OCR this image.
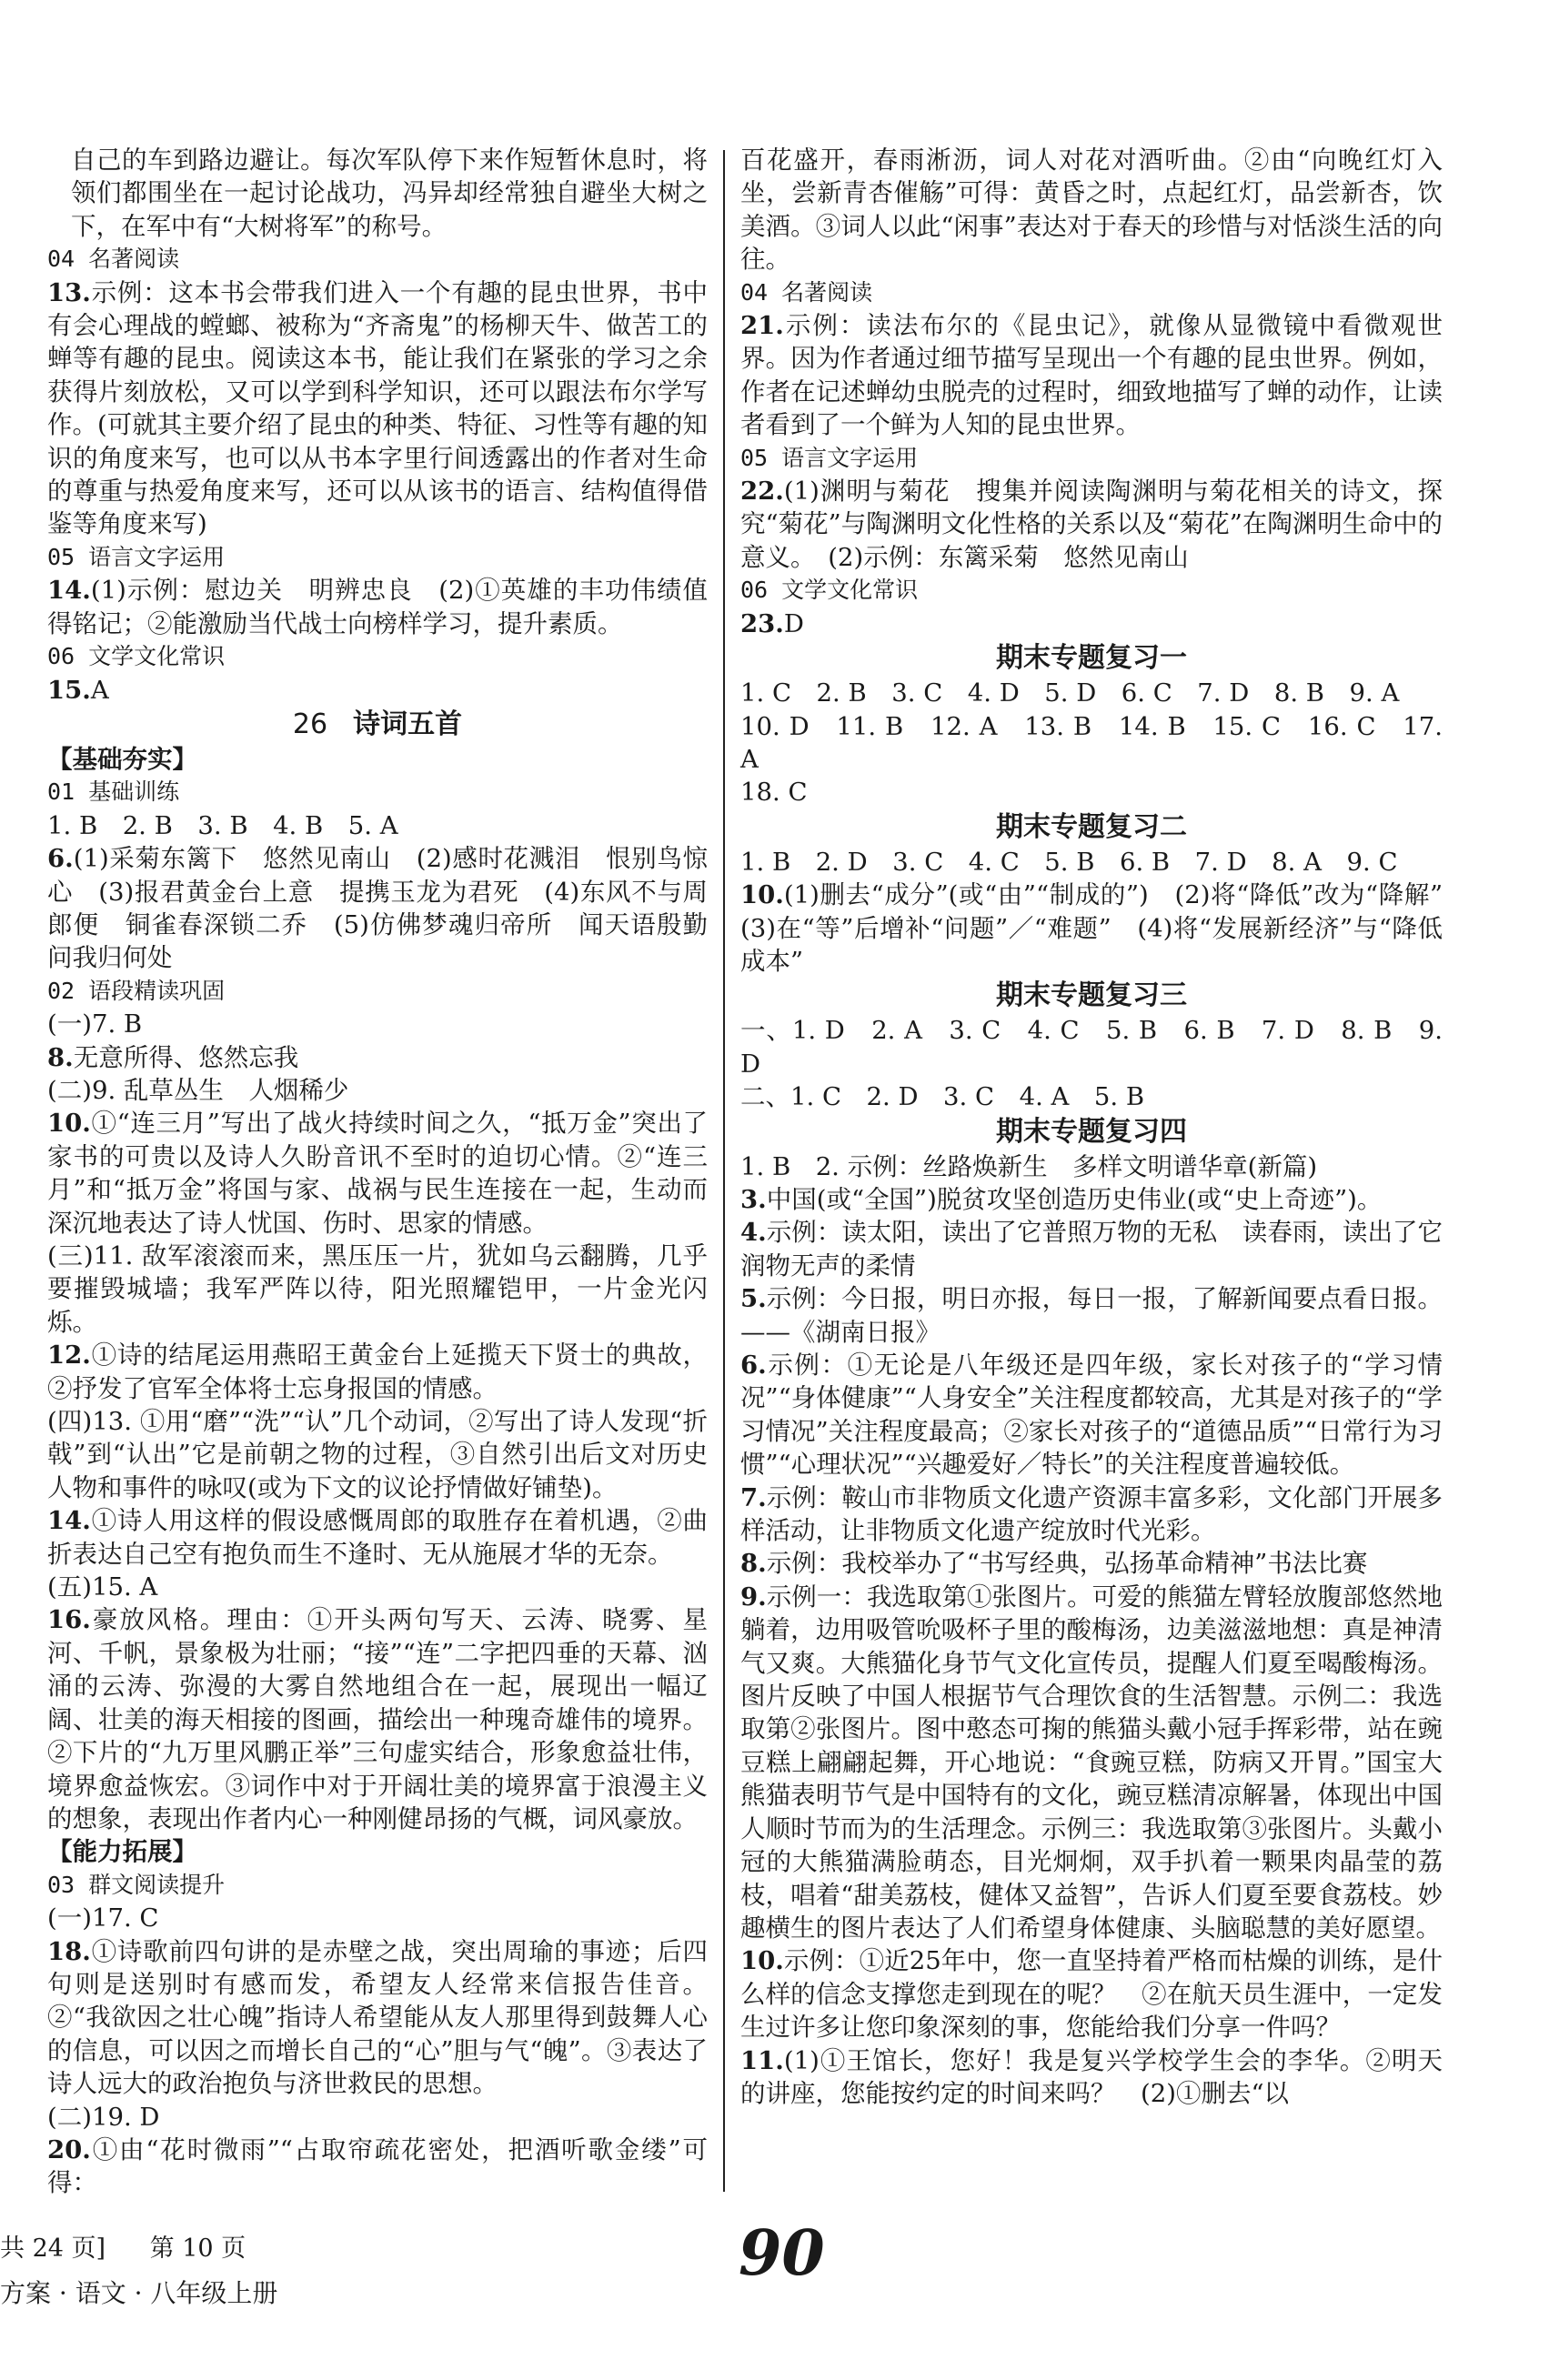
自己的车到路边避让。每次军队停下来作短暂休息时，将领们都围坐在一起讨论战功，冯异却经常独自避坐大树之下，在军中有“大树将军”的称号。
04 名著阅读
13.示例：这本书会带我们进入一个有趣的昆虫世界，书中有会心理战的螳螂、被称为“齐斋鬼”的杨柳天牛、做苦工的蝉等有趣的昆虫。阅读这本书，能让我们在紧张的学习之余获得片刻放松，又可以学到科学知识，还可以跟法布尔学写作。(可就其主要介绍了昆虫的种类、特征、习性等有趣的知识的角度来写，也可以从书本字里行间透露出的作者对生命的尊重与热爱角度来写，还可以从该书的语言、结构值得借鉴等角度来写)
05 语言文字运用
14.(1)示例：慰边关　明辨忠良　(2)①英雄的丰功伟绩值得铭记；②能激励当代战士向榜样学习，提升素质。
06 文学文化常识
15.A
26 诗词五首
【基础夯实】
01 基础训练
1. B　2. B　3. B　4. B　5. A
6.(1)采菊东篱下　悠然见南山　(2)感时花溅泪　恨别鸟惊心　(3)报君黄金台上意　提携玉龙为君死　(4)东风不与周郎便　铜雀春深锁二乔　(5)仿佛梦魂归帝所　闻天语殷勤问我归何处
02 语段精读巩固
(一)7. B
8.无意所得、悠然忘我
(二)9. 乱草丛生　人烟稀少
10.①“连三月”写出了战火持续时间之久，“抵万金”突出了家书的可贵以及诗人久盼音讯不至时的迫切心情。②“连三月”和“抵万金”将国与家、战祸与民生连接在一起，生动而深沉地表达了诗人忧国、伤时、思家的情感。
(三)11. 敌军滚滚而来，黑压压一片，犹如乌云翻腾，几乎要摧毁城墙；我军严阵以待，阳光照耀铠甲，一片金光闪烁。
12.①诗的结尾运用燕昭王黄金台上延揽天下贤士的典故，②抒发了官军全体将士忘身报国的情感。
(四)13. ①用“磨”“洗”“认”几个动词，②写出了诗人发现“折戟”到“认出”它是前朝之物的过程，③自然引出后文对历史人物和事件的咏叹(或为下文的议论抒情做好铺垫)。
14.①诗人用这样的假设感慨周郎的取胜存在着机遇，②曲折表达自己空有抱负而生不逢时、无从施展才华的无奈。
(五)15. A
16.豪放风格。理由：①开头两句写天、云涛、晓雾、星河、千帆，景象极为壮丽；“接”“连”二字把四垂的天幕、汹涌的云涛、弥漫的大雾自然地组合在一起，展现出一幅辽阔、壮美的海天相接的图画，描绘出一种瑰奇雄伟的境界。②下片的“九万里风鹏正举”三句虚实结合，形象愈益壮伟，境界愈益恢宏。③词作中对于开阔壮美的境界富于浪漫主义的想象，表现出作者内心一种刚健昂扬的气概，词风豪放。
【能力拓展】
03 群文阅读提升
(一)17. C
18.①诗歌前四句讲的是赤壁之战，突出周瑜的事迹；后四句则是送别时有感而发，希望友人经常来信报告佳音。②“我欲因之壮心魄”指诗人希望能从友人那里得到鼓舞人心的信息，可以因之而增长自己的“心”胆与气“魄”。③表达了诗人远大的政治抱负与济世救民的思想。
(二)19. D
20.①由“花时微雨”“占取帘疏花密处，把酒听歌金缕”可得：
百花盛开，春雨淅沥，词人对花对酒听曲。②由“向晚红灯入坐，尝新青杏催觞”可得：黄昏之时，点起红灯，品尝新杏，饮美酒。③词人以此“闲事”表达对于春天的珍惜与对恬淡生活的向往。
04 名著阅读
21.示例：读法布尔的《昆虫记》，就像从显微镜中看微观世界。因为作者通过细节描写呈现出一个有趣的昆虫世界。例如，作者在记述蝉幼虫脱壳的过程时，细致地描写了蝉的动作，让读者看到了一个鲜为人知的昆虫世界。
05 语言文字运用
22.(1)渊明与菊花　搜集并阅读陶渊明与菊花相关的诗文，探究“菊花”与陶渊明文化性格的关系以及“菊花”在陶渊明生命中的意义。　(2)示例：东篱采菊　悠然见南山
06 文学文化常识
23.D
期末专题复习一
1. C　2. B　3. C　4. D　5. D　6. C　7. D　8. B　9. A
10. D　11. B　12. A　13. B　14. B　15. C　16. C　17. A
18. C
期末专题复习二
1. B　2. D　3. C　4. C　5. B　6. B　7. D　8. A　9. C
10.(1)删去“成分”(或“由”“制成的”)　(2)将“降低”改为“降解”　(3)在“等”后增补“问题”／“难题”　(4)将“发展新经济”与“降低成本”
期末专题复习三
一、1. D　2. A　3. C　4. C　5. B　6. B　7. D　8. B　9. D
二、1. C　2. D　3. C　4. A　5. B
期末专题复习四
1. B　2. 示例：丝路焕新生　多样文明谱华章(新篇)
3.中国(或“全国”)脱贫攻坚创造历史伟业(或“史上奇迹”)。
4.示例：读太阳，读出了它普照万物的无私　读春雨，读出了它润物无声的柔情
5.示例：今日报，明日亦报，每日一报，了解新闻要点看日报。——《湖南日报》
6.示例：①无论是八年级还是四年级，家长对孩子的“学习情况”“身体健康”“人身安全”关注程度都较高，尤其是对孩子的“学习情况”关注程度最高；②家长对孩子的“道德品质”“日常行为习惯”“心理状况”“兴趣爱好／特长”的关注程度普遍较低。
7.示例：鞍山市非物质文化遗产资源丰富多彩，文化部门开展多样活动，让非物质文化遗产绽放时代光彩。
8.示例：我校举办了“书写经典，弘扬革命精神”书法比赛
9.示例一：我选取第①张图片。可爱的熊猫左臂轻放腹部悠然地躺着，边用吸管吮吸杯子里的酸梅汤，边美滋滋地想：真是神清气又爽。大熊猫化身节气文化宣传员，提醒人们夏至喝酸梅汤。图片反映了中国人根据节气合理饮食的生活智慧。示例二：我选取第②张图片。图中憨态可掬的熊猫头戴小冠手挥彩带，站在豌豆糕上翩翩起舞，开心地说：“食豌豆糕，防病又开胃。”国宝大熊猫表明节气是中国特有的文化，豌豆糕清凉解暑，体现出中国人顺时节而为的生活理念。示例三：我选取第③张图片。头戴小冠的大熊猫满脸萌态，目光炯炯，双手扒着一颗果肉晶莹的荔枝，唱着“甜美荔枝，健体又益智”，告诉人们夏至要食荔枝。妙趣横生的图片表达了人们希望身体健康、头脑聪慧的美好愿望。
10.示例：①近25年中，您一直坚持着严格而枯燥的训练，是什么样的信念支撑您走到现在的呢？　②在航天员生涯中，一定发生过许多让您印象深刻的事，您能给我们分享一件吗？
11.(1)①王馆长，您好！我是复兴学校学生会的李华。②明天的讲座，您能按约定的时间来吗？　(2)①删去“以
共 24 页] 第 10 页
方案 · 语文 · 八年级上册
90
